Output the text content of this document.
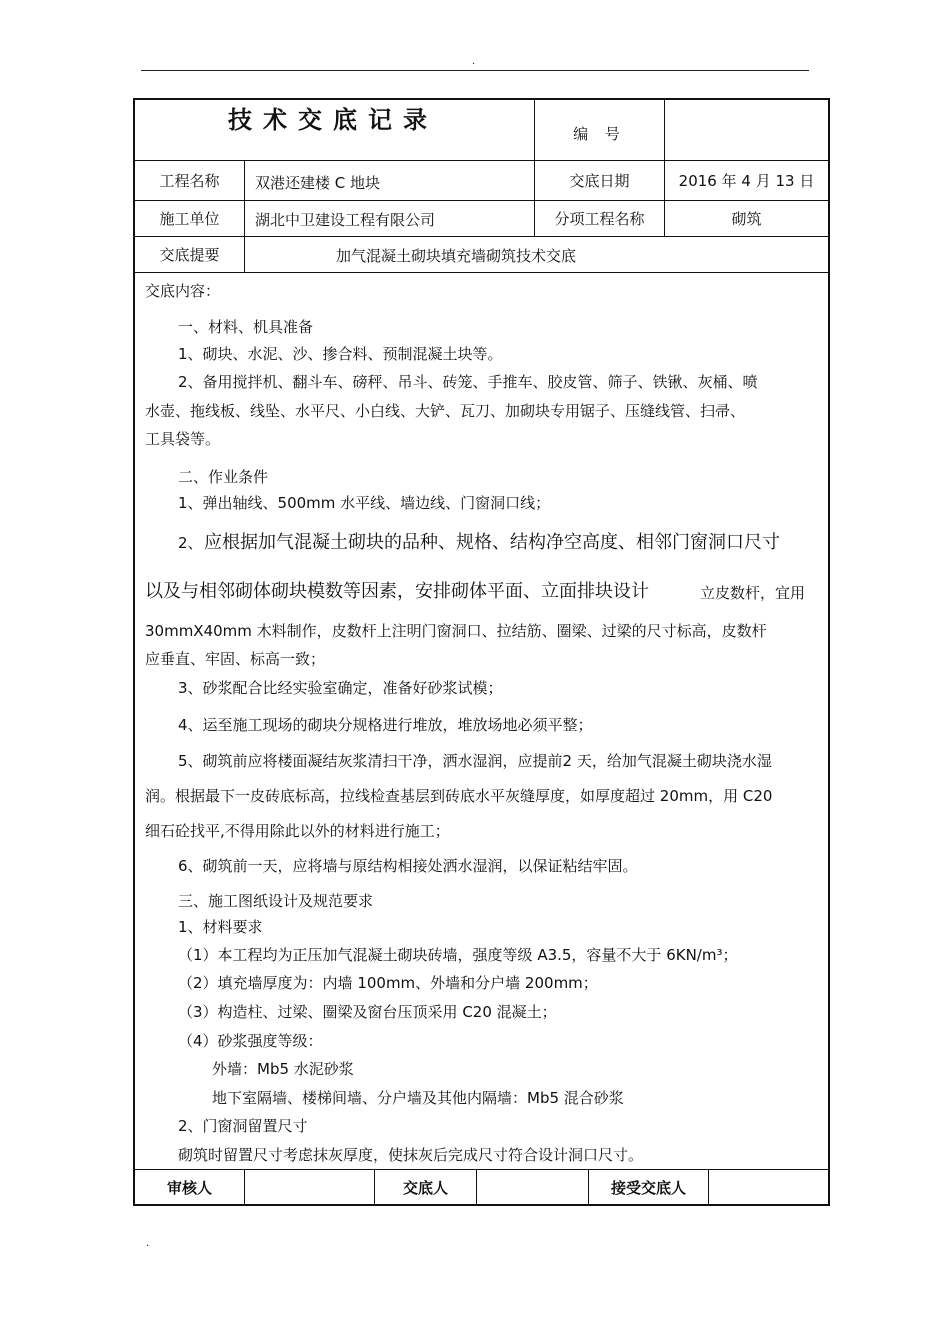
.
技术交底记录	编 号
工程名称	双港还建楼 C 地块	交底日期	2016 年 4 月 13 日
施工单位	湖北中卫建设工程有限公司	分项工程名称	砌筑
交底提要	加气混凝土砌块填充墙砌筑技术交底
交底内容：
一、材料、机具准备
1、砌块、水泥、沙、掺合料、预制混凝土块等。
2、备用搅拌机、翻斗车、磅秤、吊斗、砖笼、手推车、胶皮管、筛子、铁锹、灰桶、喷
水壶、拖线板、线坠、水平尺、小白线、大铲、瓦刀、加砌块专用锯子、压缝线管、扫帚、
工具袋等。
二、作业条件
1、弹出轴线、500mm 水平线、墙边线、门窗洞口线；
2、 应根据加气混凝土砌块的品种、规格、结构净空高度、相邻门窗洞口尺寸
以及与相邻砌体砌块模数等因素，安排砌体平面、立面排块设计	立皮数杆，宜用
30mmX40mm 木料制作，皮数杆上注明门窗洞口、拉结筋、圈梁、过梁的尺寸标高，皮数杆
应垂直、牢固、标高一致；
3、砂浆配合比经实验室确定，准备好砂浆试模；
4、运至施工现场的砌块分规格进行堆放，堆放场地必须平整；
5、砌筑前应将楼面凝结灰浆清扫干净，洒水湿润，应提前2 天，给加气混凝土砌块浇水湿
润。根据最下一皮砖底标高，拉线检查基层到砖底水平灰缝厚度，如厚度超过 20mm，用 C20
细石砼找平,不得用除此以外的材料进行施工；
6、砌筑前一天，应将墙与原结构相接处洒水湿润，以保证粘结牢固。
三、施工图纸设计及规范要求
1、材料要求
（1）本工程均为正压加气混凝土砌块砖墙，强度等级 A3.5，容量不大于 6KN/m³；
（2）填充墙厚度为：内墙 100mm、外墙和分户墙 200mm；
（3）构造柱、过梁、圈梁及窗台压顶采用 C20 混凝土；
（4）砂浆强度等级：
外墙：Mb5 水泥砂浆
地下室隔墙、楼梯间墙、分户墙及其他内隔墙：Mb5 混合砂浆
2、门窗洞留置尺寸
砌筑时留置尺寸考虑抹灰厚度，使抹灰后完成尺寸符合设计洞口尺寸。
审核人	交底人	接受交底人
.
